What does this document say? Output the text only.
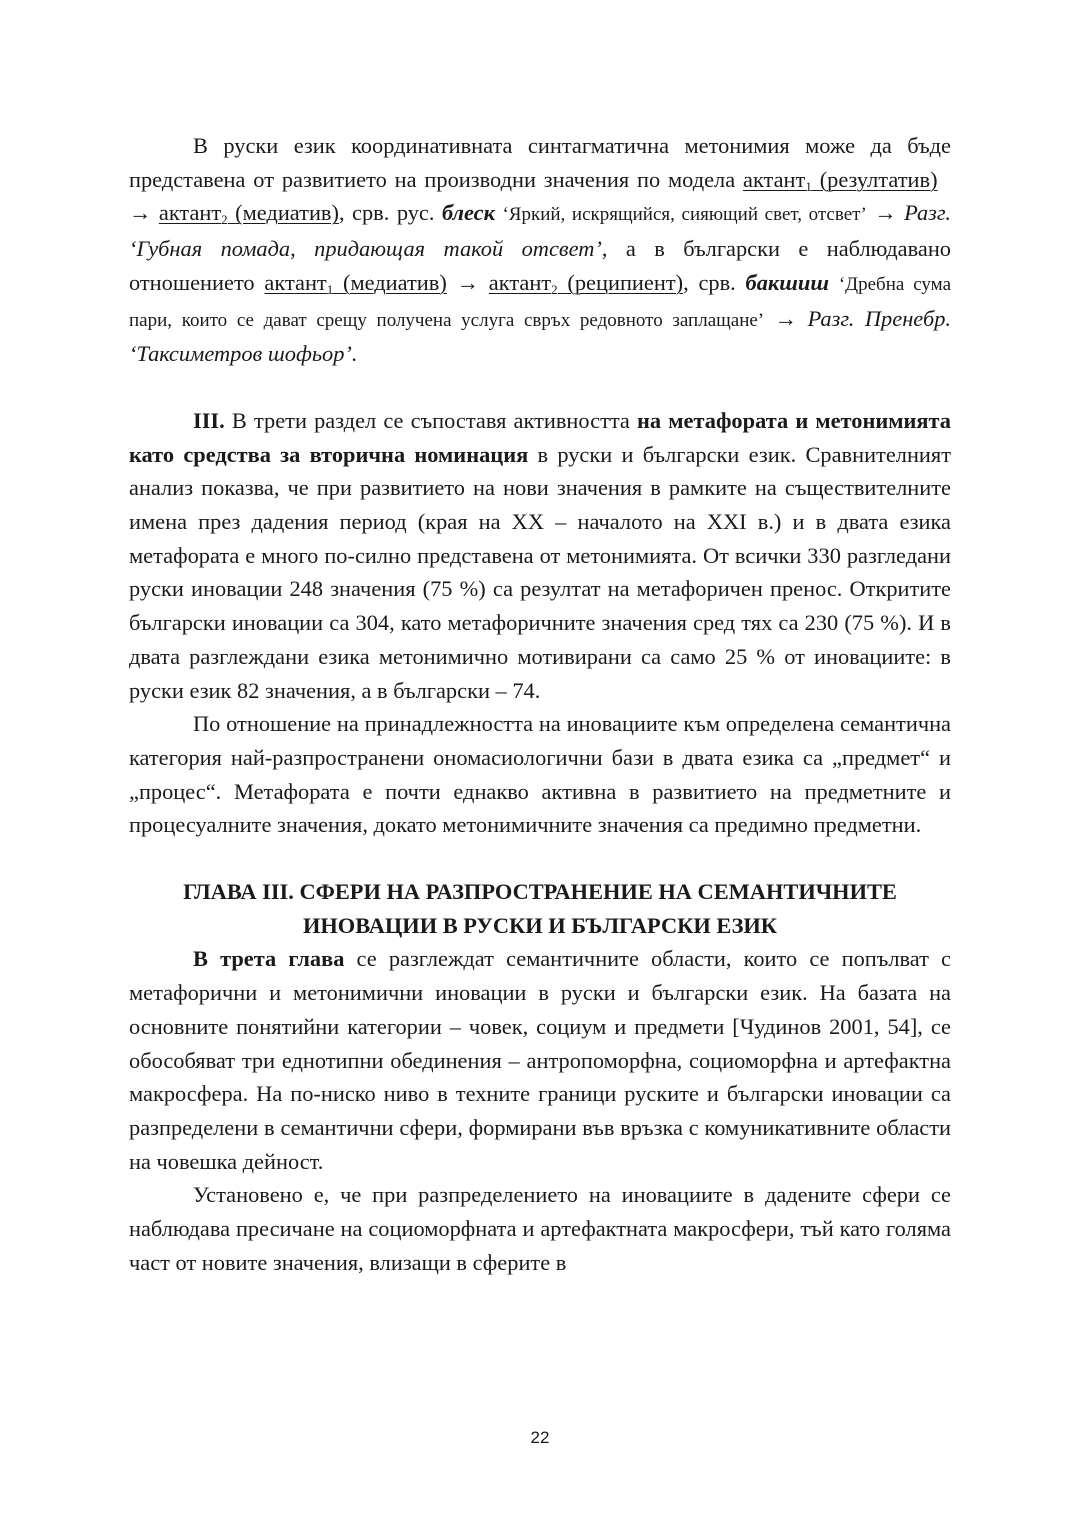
В руски език координативната синтагматична метонимия може да бъде представена от развитието на производни значения по модела актант$_1$ (резултатив)   → актант$_2$ (медиатив), срв. рус. блеск ‘Яркий, искрящийся, сияющий свет, отсвет’ → Разг. ‘Губная помада, придающая такой отсвет’, а в български е наблюдавано отношението актант$_1$ (медиатив) → актант$_2$ (реципиент), срв. бакшиш ‘Дребна сума пари, които се дават срещу получена услуга свръх редовното заплащане’ → Разг. Пренебр. ‘Таксиметров шофьор’.

III. В трети раздел се съпоставя активността на метафората и метонимията като средства за вторична номинация в руски и български език. Сравнителният анализ показва, че при развитието на нови значения в рамките на съществителните имена през дадения период (края на XX – началото на XXI в.) и в двата езика метафората е много по-силно представена от метонимията. От всички 330 разгледани руски иновации 248 значения (75 %) са резултат на метафоричен пренос. Откритите български иновации са 304, като метафоричните значения сред тях са 230 (75 %). И в двата разглеждани езика метонимично мотивирани са само 25 % от иновациите: в руски език 82 значения, а в български – 74.

По отношение на принадлежността на иновациите към определена семантична категория най-разпространени ономасиологични бази в двата езика са „предмет“ и „процес“. Метафората е почти еднакво активна в развитието на предметните и процесуалните значения, докато метонимичните значения са предимно предметни.

ГЛАВА III. СФЕРИ НА РАЗПРОСТРАНЕНИЕ НА СЕМАНТИЧНИТЕ
ИНОВАЦИИ В РУСКИ И БЪЛГАРСКИ ЕЗИК

В трета глава се разглеждат семантичните области, които се попълват с метафорични и метонимични иновации в руски и български език. На базата на основните понятийни категории – човек, социум и предмети [Чудинов 2001, 54], се обособяват три еднотипни обединения – антропоморфна, социоморфна и артефактна макросфера. На по-ниско ниво в техните граници руските и български иновации са разпределени в семантични сфери, формирани във връзка с комуникативните области на човешка дейност.

Установено е, че при разпределението на иновациите в дадените сфери се наблюдава пресичане на социоморфната и артефактната макросфери, тъй като голяма част от новите значения, влизащи в сферите в

22
